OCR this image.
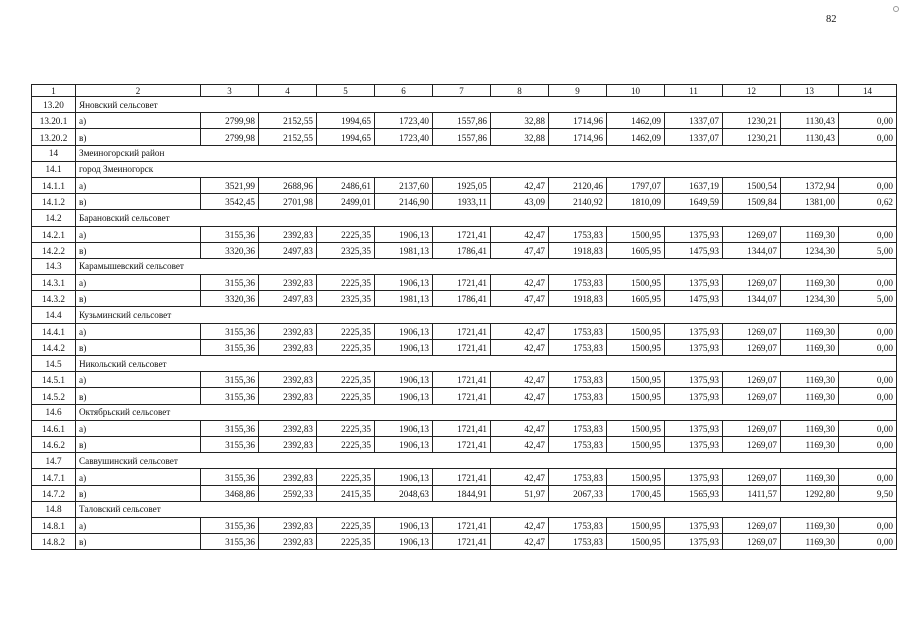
82
1	2	3	4	5	6	7	8	9	10	11	12	13	14
13.20	Яновский сельсовет												
13.20.1	а)	2799,98	2152,55	1994,65	1723,40	1557,86	32,88	1714,96	1462,09	1337,07	1230,21	1130,43	0,00
13.20.2	в)	2799,98	2152,55	1994,65	1723,40	1557,86	32,88	1714,96	1462,09	1337,07	1230,21	1130,43	0,00
14	Змеиногорский район												
14.1	город Змеиногорск												
14.1.1	а)	3521,99	2688,96	2486,61	2137,60	1925,05	42,47	2120,46	1797,07	1637,19	1500,54	1372,94	0,00
14.1.2	в)	3542,45	2701,98	2499,01	2146,90	1933,11	43,09	2140,92	1810,09	1649,59	1509,84	1381,00	0,62
14.2	Барановский сельсовет												
14.2.1	а)	3155,36	2392,83	2225,35	1906,13	1721,41	42,47	1753,83	1500,95	1375,93	1269,07	1169,30	0,00
14.2.2	в)	3320,36	2497,83	2325,35	1981,13	1786,41	47,47	1918,83	1605,95	1475,93	1344,07	1234,30	5,00
14.3	Карамышевский сельсовет												
14.3.1	а)	3155,36	2392,83	2225,35	1906,13	1721,41	42,47	1753,83	1500,95	1375,93	1269,07	1169,30	0,00
14.3.2	в)	3320,36	2497,83	2325,35	1981,13	1786,41	47,47	1918,83	1605,95	1475,93	1344,07	1234,30	5,00
14.4	Кузьминский сельсовет												
14.4.1	а)	3155,36	2392,83	2225,35	1906,13	1721,41	42,47	1753,83	1500,95	1375,93	1269,07	1169,30	0,00
14.4.2	в)	3155,36	2392,83	2225,35	1906,13	1721,41	42,47	1753,83	1500,95	1375,93	1269,07	1169,30	0,00
14.5	Никольский сельсовет												
14.5.1	а)	3155,36	2392,83	2225,35	1906,13	1721,41	42,47	1753,83	1500,95	1375,93	1269,07	1169,30	0,00
14.5.2	в)	3155,36	2392,83	2225,35	1906,13	1721,41	42,47	1753,83	1500,95	1375,93	1269,07	1169,30	0,00
14.6	Октябрьский сельсовет												
14.6.1	а)	3155,36	2392,83	2225,35	1906,13	1721,41	42,47	1753,83	1500,95	1375,93	1269,07	1169,30	0,00
14.6.2	в)	3155,36	2392,83	2225,35	1906,13	1721,41	42,47	1753,83	1500,95	1375,93	1269,07	1169,30	0,00
14.7	Саввушинский сельсовет												
14.7.1	а)	3155,36	2392,83	2225,35	1906,13	1721,41	42,47	1753,83	1500,95	1375,93	1269,07	1169,30	0,00
14.7.2	в)	3468,86	2592,33	2415,35	2048,63	1844,91	51,97	2067,33	1700,45	1565,93	1411,57	1292,80	9,50
14.8	Таловский сельсовет												
14.8.1	а)	3155,36	2392,83	2225,35	1906,13	1721,41	42,47	1753,83	1500,95	1375,93	1269,07	1169,30	0,00
14.8.2	в)	3155,36	2392,83	2225,35	1906,13	1721,41	42,47	1753,83	1500,95	1375,93	1269,07	1169,30	0,00
